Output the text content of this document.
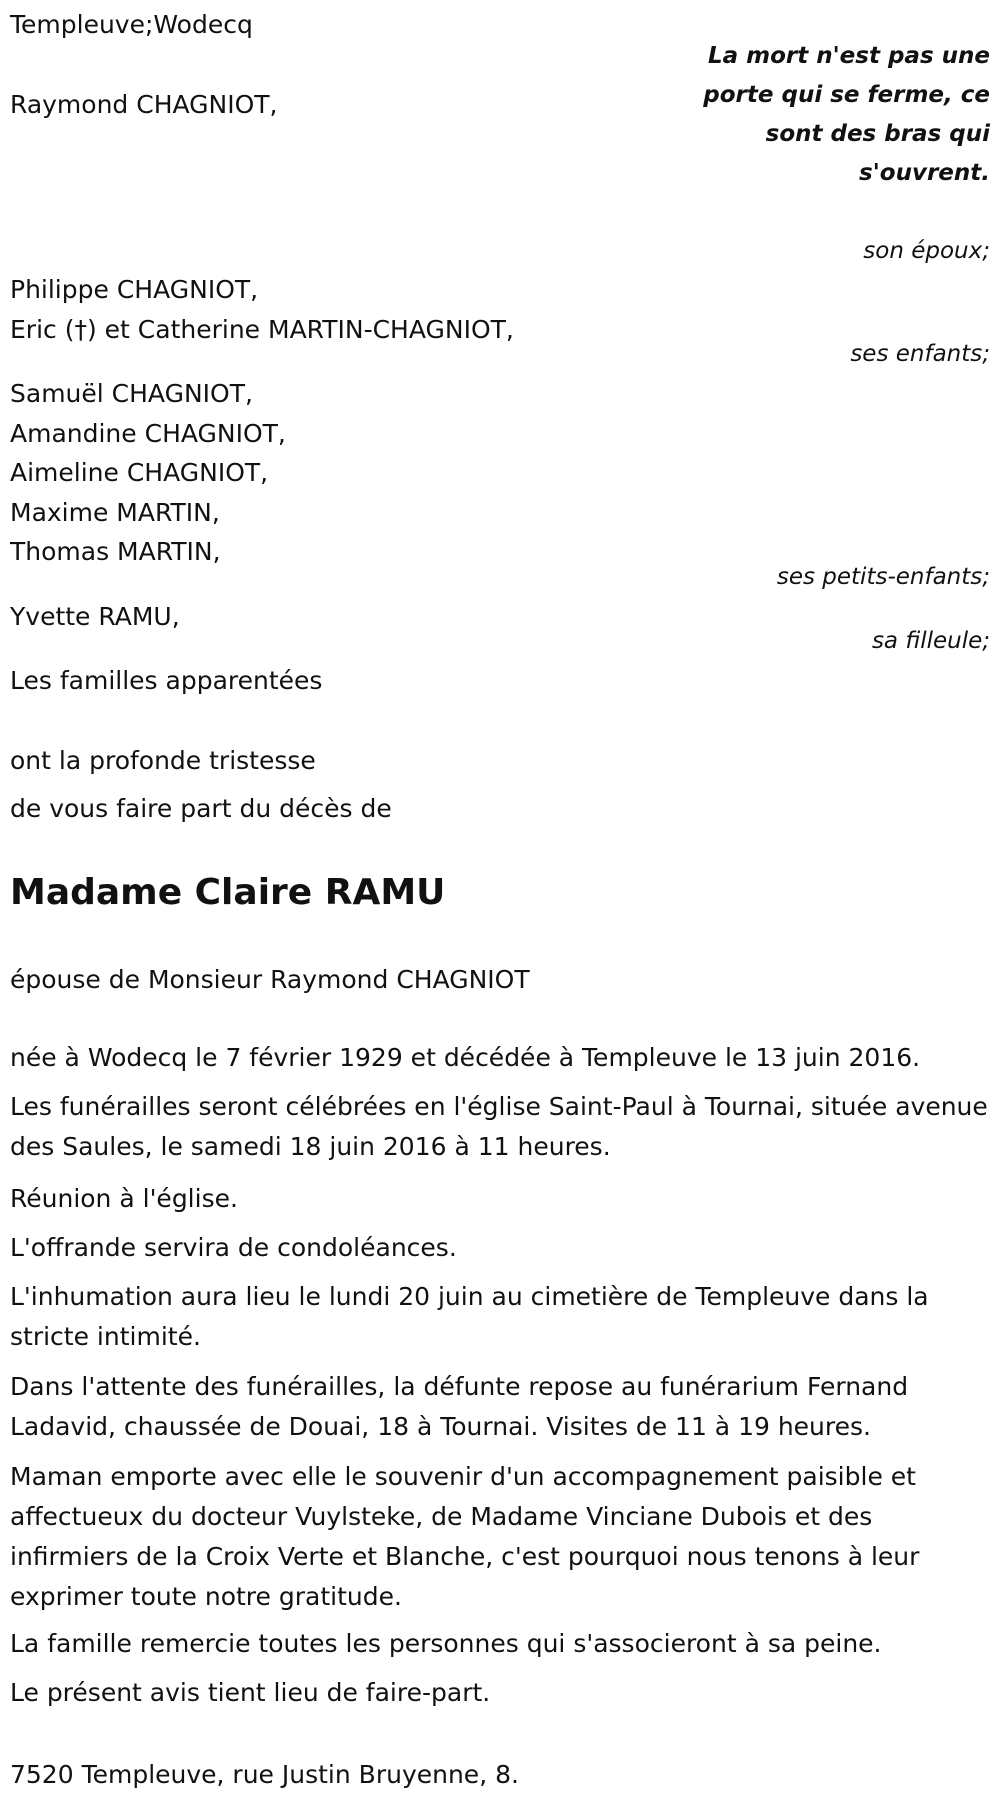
Templeuve;Wodecq
La mort n'est pas une porte qui se ferme, ce sont des bras qui s'ouvrent.
Raymond CHAGNIOT,
son époux;
Philippe CHAGNIOT,
Eric (†) et Catherine MARTIN-CHAGNIOT,
ses enfants;
Samuël CHAGNIOT,
Amandine CHAGNIOT,
Aimeline CHAGNIOT,
Maxime MARTIN,
Thomas MARTIN,
ses petits-enfants;
Yvette RAMU,
sa filleule;
Les familles apparentées
ont la profonde tristesse
de vous faire part du décès de
Madame Claire RAMU
épouse de Monsieur Raymond CHAGNIOT
née à Wodecq le 7 février 1929 et décédée à Templeuve le 13 juin 2016.
Les funérailles seront célébrées en l'église Saint-Paul à Tournai, située avenue des Saules, le samedi 18 juin 2016 à 11 heures.
Réunion à l'église.
L'offrande servira de condoléances.
L'inhumation aura lieu le lundi 20 juin au cimetière de Templeuve dans la stricte intimité.
Dans l'attente des funérailles, la défunte repose au funérarium Fernand Ladavid, chaussée de Douai, 18 à Tournai. Visites de 11 à 19 heures.
Maman emporte avec elle le souvenir d'un accompagnement paisible et affectueux du docteur Vuylsteke, de Madame Vinciane Dubois et des infirmiers de la Croix Verte et Blanche, c'est pourquoi nous tenons à leur exprimer toute notre gratitude.
La famille remercie toutes les personnes qui s'associeront à sa peine.
Le présent avis tient lieu de faire-part.
7520 Templeuve, rue Justin Bruyenne, 8.
